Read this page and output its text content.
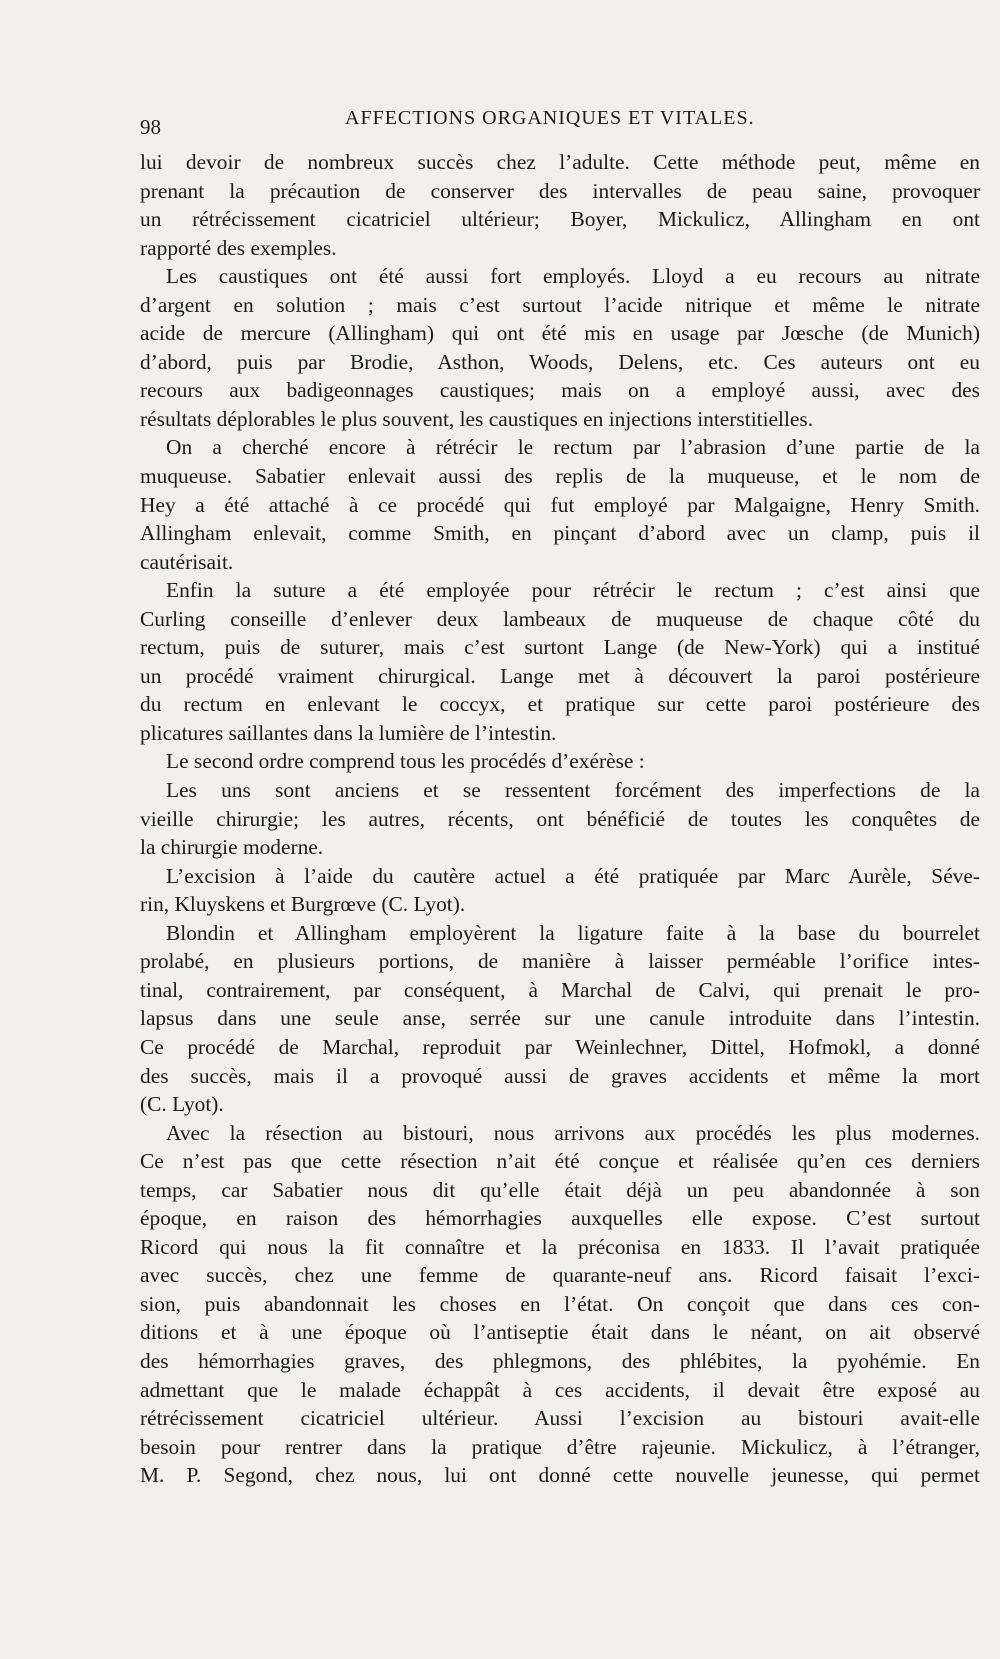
98	AFFECTIONS ORGANIQUES ET VITALES.
lui devoir de nombreux succès chez l’adulte. Cette méthode peut, même en
prenant la précaution de conserver des intervalles de peau saine, provoquer
un rétrécissement cicatriciel ultérieur; Boyer, Mickulicz, Allingham en ont
rapporté des exemples.
Les caustiques ont été aussi fort employés. Lloyd a eu recours au nitrate
d’argent en solution ; mais c’est surtout l’acide nitrique et même le nitrate
acide de mercure (Allingham) qui ont été mis en usage par Jœsche (de Munich)
d’abord, puis par Brodie, Asthon, Woods, Delens, etc. Ces auteurs ont eu
recours aux badigeonnages caustiques; mais on a employé aussi, avec des
résultats déplorables le plus souvent, les caustiques en injections interstitielles.
On a cherché encore à rétrécir le rectum par l’abrasion d’une partie de la
muqueuse. Sabatier enlevait aussi des replis de la muqueuse, et le nom de
Hey a été attaché à ce procédé qui fut employé par Malgaigne, Henry Smith.
Allingham enlevait, comme Smith, en pinçant d’abord avec un clamp, puis il
cautérisait.
Enfin la suture a été employée pour rétrécir le rectum ; c’est ainsi que
Curling conseille d’enlever deux lambeaux de muqueuse de chaque côté du
rectum, puis de suturer, mais c’est surtont Lange (de New-York) qui a institué
un procédé vraiment chirurgical. Lange met à découvert la paroi postérieure
du rectum en enlevant le coccyx, et pratique sur cette paroi postérieure des
plicatures saillantes dans la lumière de l’intestin.
Le second ordre comprend tous les procédés d’exérèse :
Les uns sont anciens et se ressentent forcément des imperfections de la
vieille chirurgie; les autres, récents, ont bénéficié de toutes les conquêtes de
la chirurgie moderne.
L’excision à l’aide du cautère actuel a été pratiquée par Marc Aurèle, Séve-
rin, Kluyskens et Burgrœve (C. Lyot).
Blondin et Allingham employèrent la ligature faite à la base du bourrelet
prolabé, en plusieurs portions, de manière à laisser perméable l’orifice intes-
tinal, contrairement, par conséquent, à Marchal de Calvi, qui prenait le pro-
lapsus dans une seule anse, serrée sur une canule introduite dans l’intestin.
Ce procédé de Marchal, reproduit par Weinlechner, Dittel, Hofmokl, a donné
des succès, mais il a provoqué aussi de graves accidents et même la mort
(C. Lyot).
Avec la résection au bistouri, nous arrivons aux procédés les plus modernes.
Ce n’est pas que cette résection n’ait été conçue et réalisée qu’en ces derniers
temps, car Sabatier nous dit qu’elle était déjà un peu abandonnée à son
époque, en raison des hémorrhagies auxquelles elle expose. C’est surtout
Ricord qui nous la fit connaître et la préconisa en 1833. Il l’avait pratiquée
avec succès, chez une femme de quarante-neuf ans. Ricord faisait l’exci-
sion, puis abandonnait les choses en l’état. On conçoit que dans ces con-
ditions et à une époque où l’antiseptie était dans le néant, on ait observé
des hémorrhagies graves, des phlegmons, des phlébites, la pyohémie. En
admettant que le malade échappât à ces accidents, il devait être exposé au
rétrécissement cicatriciel ultérieur. Aussi l’excision au bistouri avait-elle
besoin pour rentrer dans la pratique d’être rajeunie. Mickulicz, à l’étranger,
M. P. Segond, chez nous, lui ont donné cette nouvelle jeunesse, qui permet
